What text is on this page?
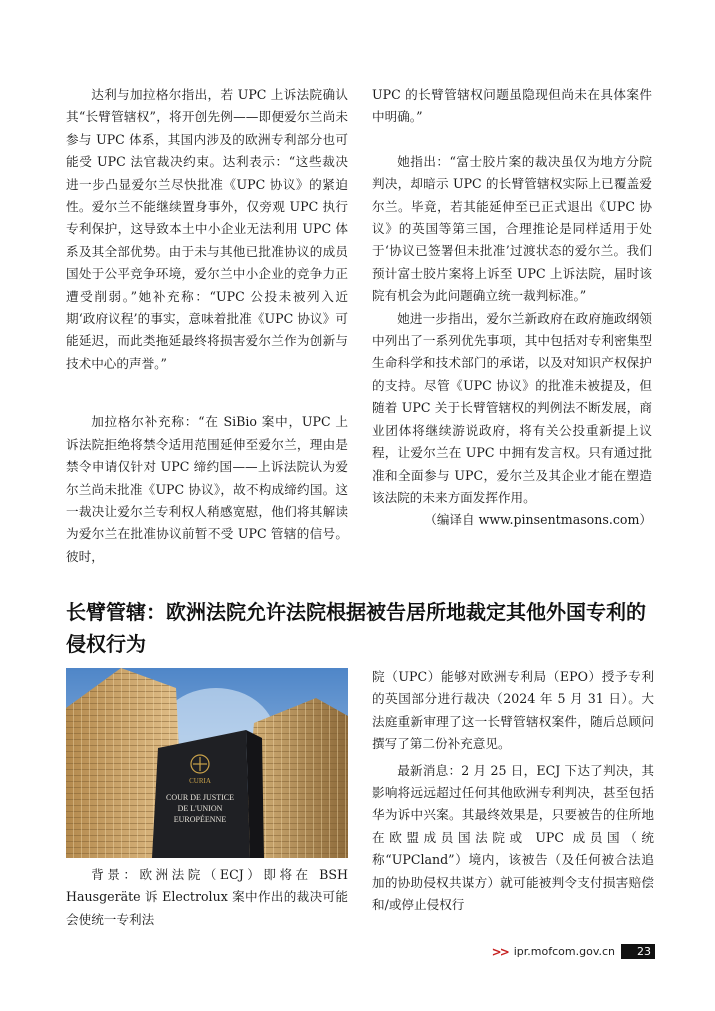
达利与加拉格尔指出，若 UPC 上诉法院确认其“长臂管辖权”，将开创先例——即便爱尔兰尚未参与 UPC 体系，其国内涉及的欧洲专利部分也可能受 UPC 法官裁决约束。达利表示：“这些裁决进一步凸显爱尔兰尽快批准《UPC 协议》的紧迫性。爱尔兰不能继续置身事外，仅旁观 UPC 执行专利保护，这导致本土中小企业无法利用 UPC 体系及其全部优势。由于未与其他已批准协议的成员国处于公平竞争环境，爱尔兰中小企业的竞争力正遭受削弱。”她补充称：“UPC 公投未被列入近期‘政府议程’的事实，意味着批准《UPC 协议》可能延迟，而此类拖延最终将损害爱尔兰作为创新与技术中心的声誉。”

加拉格尔补充称：“在 SiBio 案中，UPC 上诉法院拒绝将禁令适用范围延伸至爱尔兰，理由是禁令申请仅针对 UPC 缔约国——上诉法院认为爱尔兰尚未批准《UPC 协议》，故不构成缔约国。这一裁决让爱尔兰专利权人稍感宽慰，他们将其解读为爱尔兰在批准协议前暂不受 UPC 管辖的信号。彼时，

UPC 的长臂管辖权问题虽隐现但尚未在具体案件中明确。”

她指出：“富士胶片案的裁决虽仅为地方分院判决，却暗示 UPC 的长臂管辖权实际上已覆盖爱尔兰。毕竟，若其能延伸至已正式退出《UPC 协议》的英国等第三国，合理推论是同样适用于处于‘协议已签署但未批准’过渡状态的爱尔兰。我们预计富士胶片案将上诉至 UPC 上诉法院，届时该院有机会为此问题确立统一裁判标准。”

她进一步指出，爱尔兰新政府在政府施政纲领中列出了一系列优先事项，其中包括对专利密集型生命科学和技术部门的承诺，以及对知识产权保护的支持。尽管《UPC 协议》的批准未被提及，但随着 UPC 关于长臂管辖权的判例法不断发展，商业团体将继续游说政府，将有关公投重新提上议程，让爱尔兰在 UPC 中拥有发言权。只有通过批准和全面参与 UPC，爱尔兰及其企业才能在塑造该法院的未来方面发挥作用。

（编译自 www.pinsentmasons.com）

长臂管辖：欧洲法院允许法院根据被告居所地裁定其他外国专利的侵权行为
CURIA
COUR DE JUSTICE
DE L'UNION
EUROPÉENNE

背景：欧洲法院（ECJ）即将在 BSH Hausgeräte 诉 Electrolux 案中作出的裁决可能会使统一专利法

院（UPC）能够对欧洲专利局（EPO）授予专利的英国部分进行裁决（2024 年 5 月 31 日）。大法庭重新审理了这一长臂管辖权案件，随后总顾问撰写了第二份补充意见。

最新消息：2 月 25 日，ECJ 下达了判决，其影响将远远超过任何其他欧洲专利判决，甚至包括华为诉中兴案。其最终效果是，只要被告的住所地在欧盟成员国法院或 UPC 成员国（统称“UPCland”）境内，该被告（及任何被合法追加的协助侵权共谋方）就可能被判令支付损害赔偿和/或停止侵权行

>> ipr.mofcom.gov.cn	23
